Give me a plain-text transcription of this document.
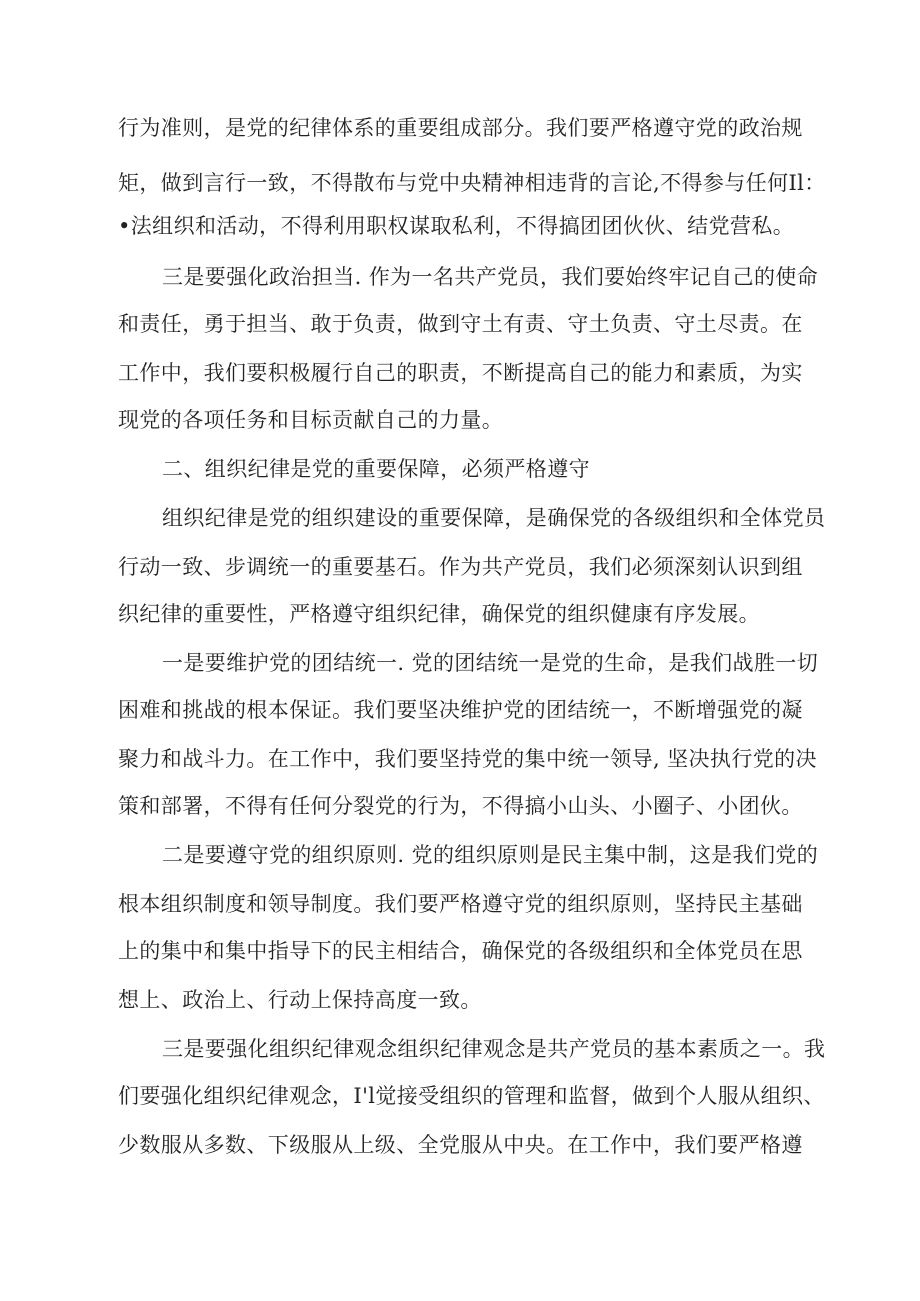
行为准则，是党的纪律体系的重要组成部分。我们要严格遵守党的政治规
矩，做到言行一致，不得散布与党中央精神相违背的言论,不得参与任何Il：
•法组织和活动，不得利用职权谋取私利，不得搞团团伙伙、结党营私。
三是要强化政治担当. 作为一名共产党员，我们要始终牢记自己的使命
和责任，勇于担当、敢于负责，做到守土有责、守土负责、守土尽责。在
工作中，我们要积极履行自己的职责，不断提高自己的能力和素质，为实
现党的各项任务和目标贡献自己的力量。
二、组织纪律是党的重要保障，必须严格遵守
组织纪律是党的组织建设的重要保障，是确保党的各级组织和全体党员
行动一致、步调统一的重要基石。作为共产党员，我们必须深刻认识到组
织纪律的重要性，严格遵守组织纪律，确保党的组织健康有序发展。
一是要维护党的团结统一. 党的团结统一是党的生命，是我们战胜一切
困难和挑战的根本保证。我们要坚决维护党的团结统一，不断增强党的凝
聚力和战斗力。在工作中，我们要坚持党的集中统一领导, 坚决执行党的决
策和部署，不得有任何分裂党的行为，不得搞小山头、小圈子、小团伙。
二是要遵守党的组织原则. 党的组织原则是民主集中制，这是我们党的
根本组织制度和领导制度。我们要严格遵守党的组织原则，坚持民主基础
上的集中和集中指导下的民主相结合，确保党的各级组织和全体党员在思
想上、政治上、行动上保持高度一致。
三是要强化组织纪律观念组织纪律观念是共产党员的基本素质之一。我
们要强化组织纪律观念，I'l觉接受组织的管理和监督，做到个人服从组织、
少数服从多数、下级服从上级、全党服从中央。在工作中，我们要严格遵
